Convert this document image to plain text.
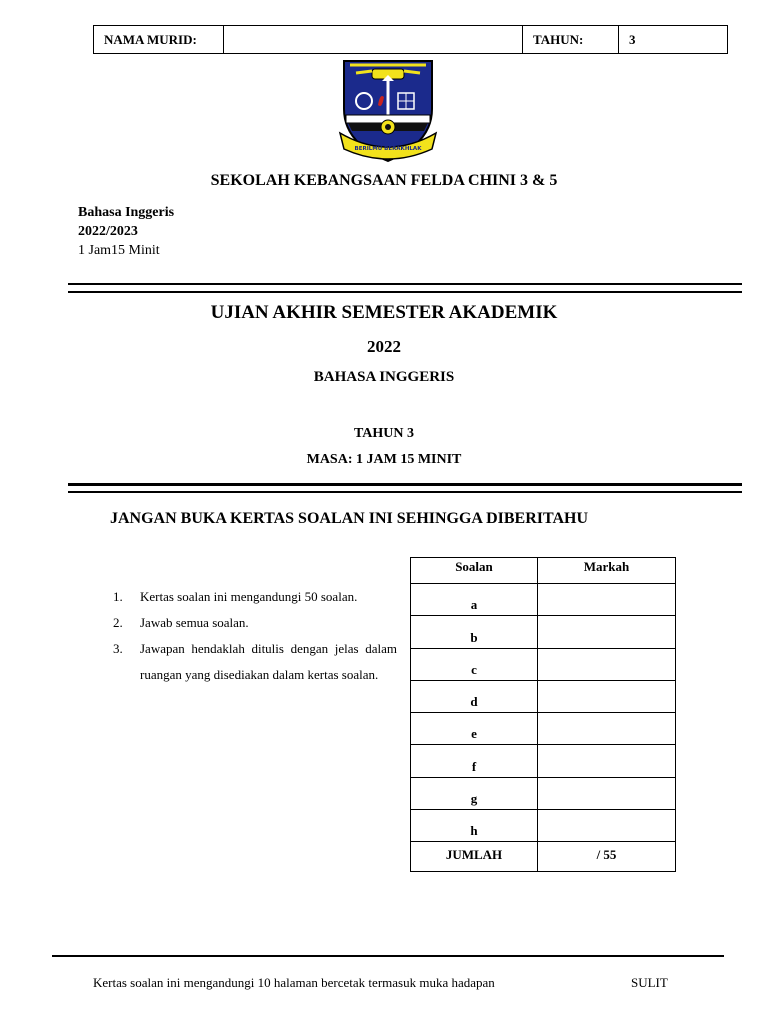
NAMA MURID:		TAHUN:	3
BERILMU BERAKHLAK
SEKOLAH KEBANGSAAN FELDA CHINI 3 & 5
Bahasa Inggeris
2022/2023
1 Jam15 Minit
UJIAN AKHIR SEMESTER AKADEMIK
2022
BAHASA INGGERIS
TAHUN 3
MASA: 1 JAM 15 MINIT
JANGAN BUKA KERTAS SOALAN INI SEHINGGA DIBERITAHU
1. Kertas soalan ini mengandungi 50 soalan.
2. Jawab semua soalan.
3. Jawapan hendaklah ditulis dengan jelas dalam ruangan yang disediakan dalam kertas soalan.
Soalan	Markah
a	
b	
c	
d	
e	
f	
g	
h	
JUMLAH	/ 55
Kertas soalan ini mengandungi 10 halaman bercetak termasuk muka hadapan	SULIT
